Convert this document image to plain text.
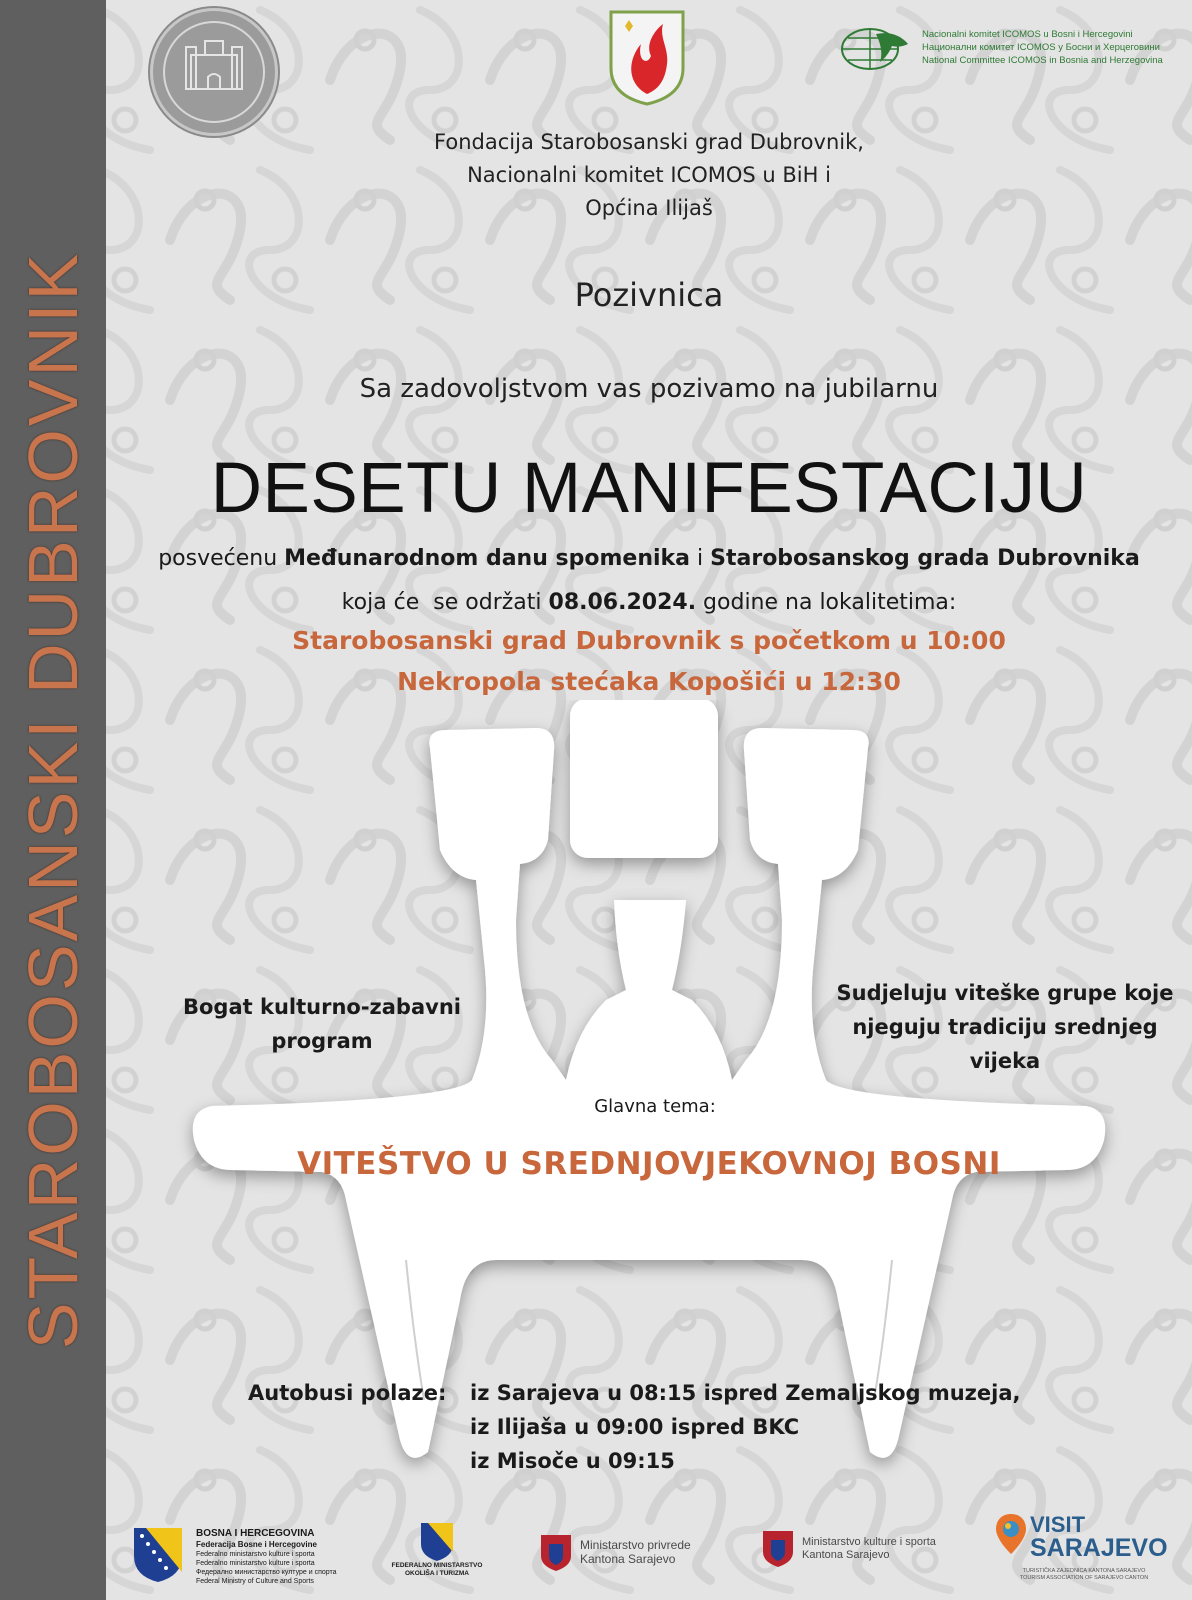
STAROBOSANSKI DUBROVNIK
Nacionalni komitet ICOMOS u Bosni i Hercegovini
Национални комитет ICOMOS у Босни и Херцеговини
National Committee ICOMOS in Bosnia and Herzegovina
Fondacija Starobosanski grad Dubrovnik,
Nacionalni komitet ICOMOS u BiH i
Općina Ilijaš
Pozivnica
Sa zadovoljstvom vas pozivamo na jubilarnu
DESETU MANIFESTACIJU
posvećenu Međunarodnom danu spomenika i Starobosanskog grada Dubrovnika
koja će  se održati 08.06.2024. godine na lokalitetima:
Starobosanski grad Dubrovnik s početkom u 10:00
Nekropola stećaka Kopošići u 12:30
Bogat kulturno-zabavni
program
Sudjeluju viteške grupe koje
njeguju tradiciju srednjeg
vijeka
Glavna tema:
VITEŠTVO U SREDNJOVJEKOVNOJ BOSNI
Autobusi polaze: iz Sarajeva u 08:15 ispred Zemaljskog muzeja,
iz Ilijaša u 09:00 ispred BKC
iz Misoče u 09:15
BOSNA I HERCEGOVINA
Federacija Bosne i Hercegovine
Federalno ministarstvo kulture i sporta
Federalno ministarstvo kulture i sporta
Федерално министарство културе и спорта
Federal Ministry of Culture and Sports
FEDERALNO MINISTARSTVO
OKOLIŠA I TURIZMA
Ministarstvo privrede
Kantona Sarajevo
Ministarstvo kulture i sporta
Kantona Sarajevo
VISIT
SARAJEVO
TURISTIČKA ZAJEDNICA KANTONA SARAJEVO
TOURISM ASSOCIATION OF SARAJEVO CANTON
